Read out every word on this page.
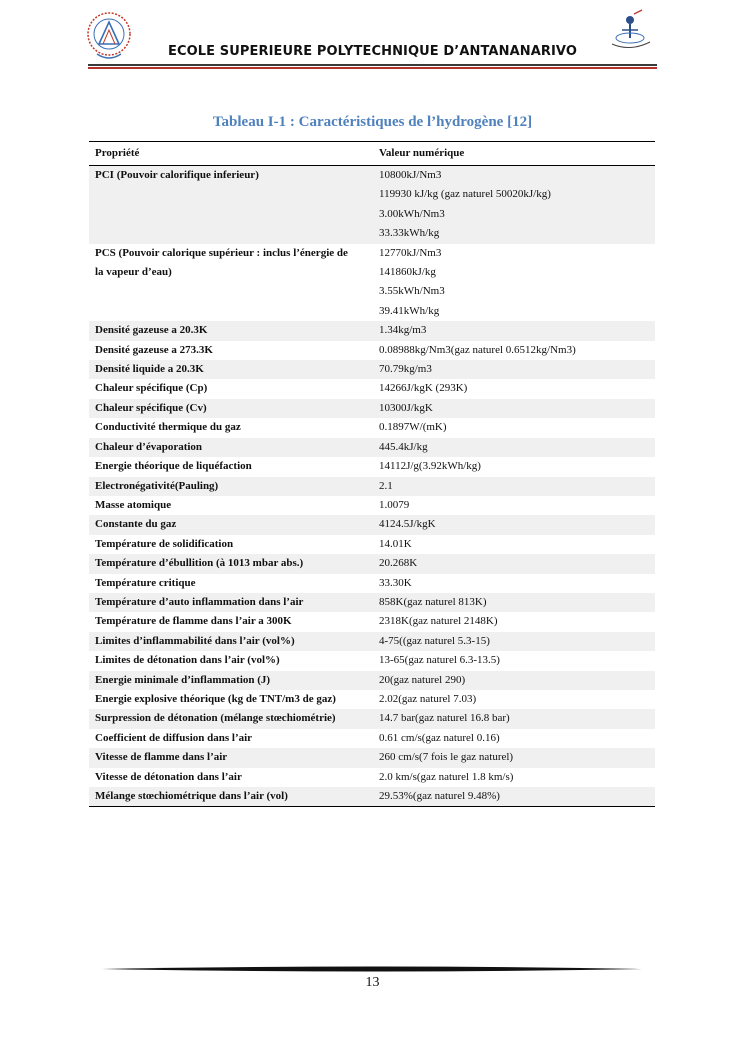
ECOLE SUPERIEURE POLYTECHNIQUE D’ANTANANARIVO
Tableau I-1 : Caractéristiques de l’hydrogène [12]
Propriété	Valeur numérique
PCI (Pouvoir calorifique inferieur)	10800kJ/Nm3
	119930 kJ/kg (gaz naturel 50020kJ/kg)
	3.00kWh/Nm3
	33.33kWh/kg
PCS (Pouvoir calorique supérieur : inclus l’énergie de	12770kJ/Nm3
la vapeur d’eau)	141860kJ/kg
	3.55kWh/Nm3
	39.41kWh/kg
Densité gazeuse a 20.3K	1.34kg/m3
Densité gazeuse a 273.3K	0.08988kg/Nm3(gaz naturel 0.6512kg/Nm3)
Densité liquide a 20.3K	70.79kg/m3
Chaleur spécifique (Cp)	14266J/kgK (293K)
Chaleur spécifique (Cv)	10300J/kgK
Conductivité thermique du gaz	0.1897W/(mK)
Chaleur d’évaporation	445.4kJ/kg
Energie théorique de liquéfaction	14112J/g(3.92kWh/kg)
Electronégativité(Pauling)	2.1
Masse atomique	1.0079
Constante du gaz	4124.5J/kgK
Température de solidification	14.01K
Température d’ébullition (à 1013 mbar abs.)	20.268K
Température critique	33.30K
Température d’auto inflammation dans l’air	858K(gaz naturel 813K)
Température de flamme dans l’air a 300K	2318K(gaz naturel 2148K)
Limites d’inflammabilité dans l’air (vol%)	4-75((gaz naturel 5.3-15)
Limites de détonation dans l’air (vol%)	13-65(gaz naturel 6.3-13.5)
Energie minimale d’inflammation (J)	20(gaz naturel 290)
Energie explosive théorique (kg de TNT/m3 de gaz)	2.02(gaz naturel 7.03)
Surpression de détonation (mélange stœchiométrie)	14.7 bar(gaz naturel 16.8 bar)
Coefficient de diffusion dans l’air	0.61 cm/s(gaz naturel 0.16)
Vitesse de flamme dans l’air	260 cm/s(7 fois le gaz naturel)
Vitesse de détonation dans l’air	2.0 km/s(gaz naturel 1.8 km/s)
Mélange stœchiométrique dans l’air (vol)	29.53%(gaz naturel 9.48%)
13
